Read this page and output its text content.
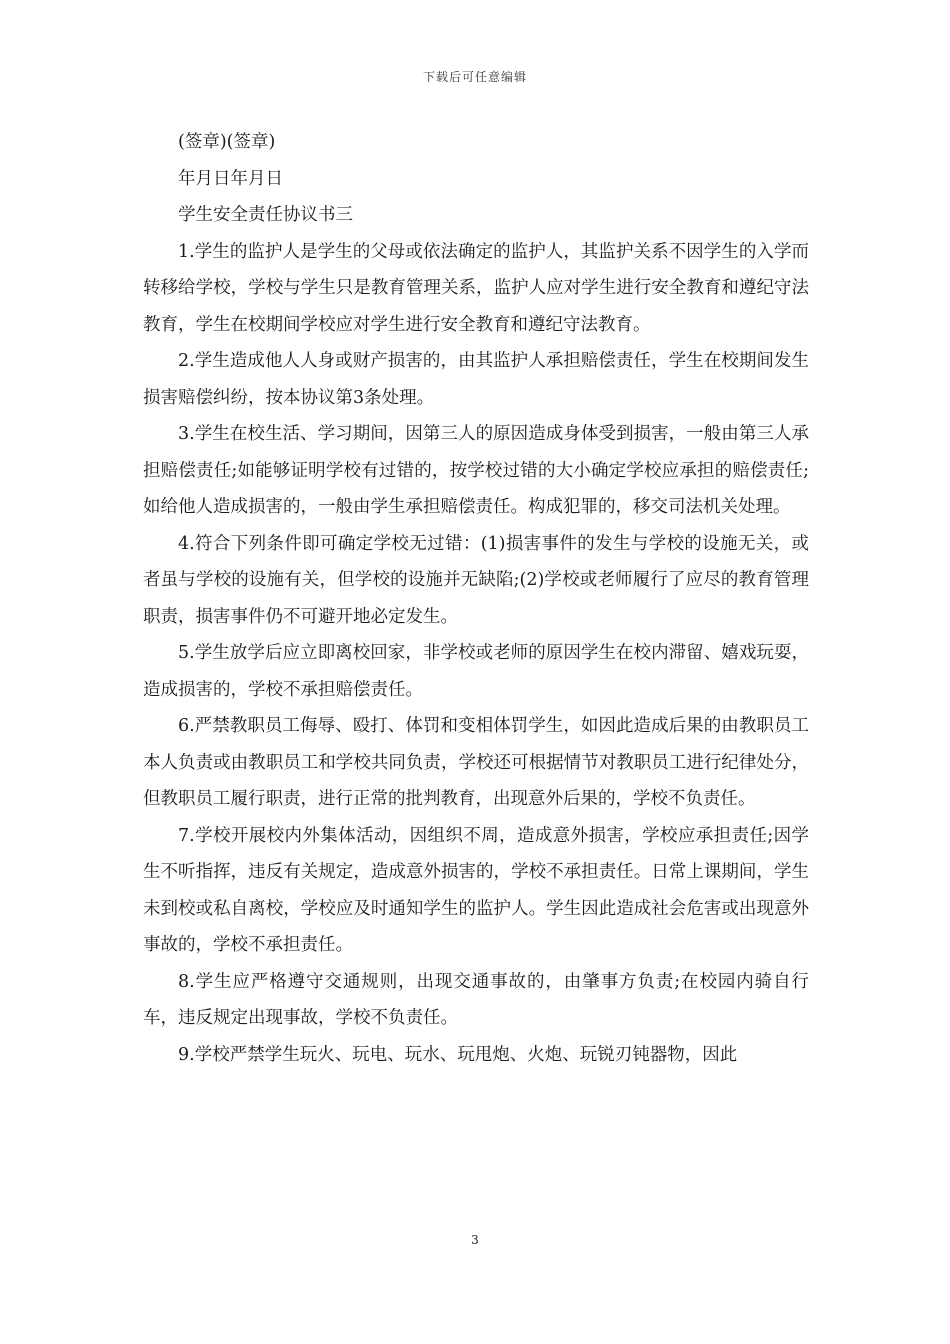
下载后可任意编辑

(签章)(签章)

年月日年月日

学生安全责任协议书三

1.学生的监护人是学生的父母或依法确定的监护人，其监护关系不因学生的入学而转移给学校，学校与学生只是教育管理关系，监护人应对学生进行安全教育和遵纪守法教育，学生在校期间学校应对学生进行安全教育和遵纪守法教育。

2.学生造成他人人身或财产损害的，由其监护人承担赔偿责任，学生在校期间发生损害赔偿纠纷，按本协议第3条处理。

3.学生在校生活、学习期间，因第三人的原因造成身体受到损害，一般由第三人承担赔偿责任;如能够证明学校有过错的，按学校过错的大小确定学校应承担的赔偿责任;如给他人造成损害的，一般由学生承担赔偿责任。构成犯罪的，移交司法机关处理。

4.符合下列条件即可确定学校无过错：(1)损害事件的发生与学校的设施无关，或者虽与学校的设施有关，但学校的设施并无缺陷;(2)学校或老师履行了应尽的教育管理职责，损害事件仍不可避开地必定发生。

5.学生放学后应立即离校回家，非学校或老师的原因学生在校内滞留、嬉戏玩耍，造成损害的，学校不承担赔偿责任。

6.严禁教职员工侮辱、殴打、体罚和变相体罚学生，如因此造成后果的由教职员工本人负责或由教职员工和学校共同负责，学校还可根据情节对教职员工进行纪律处分，但教职员工履行职责，进行正常的批判教育，出现意外后果的，学校不负责任。

7.学校开展校内外集体活动，因组织不周，造成意外损害，学校应承担责任;因学生不听指挥，违反有关规定，造成意外损害的，学校不承担责任。日常上课期间，学生未到校或私自离校，学校应及时通知学生的监护人。学生因此造成社会危害或出现意外事故的，学校不承担责任。

8.学生应严格遵守交通规则，出现交通事故的，由肇事方负责;在校园内骑自行车，违反规定出现事故，学校不负责任。

9.学校严禁学生玩火、玩电、玩水、玩甩炮、火炮、玩锐刃钝器物，因此

3
